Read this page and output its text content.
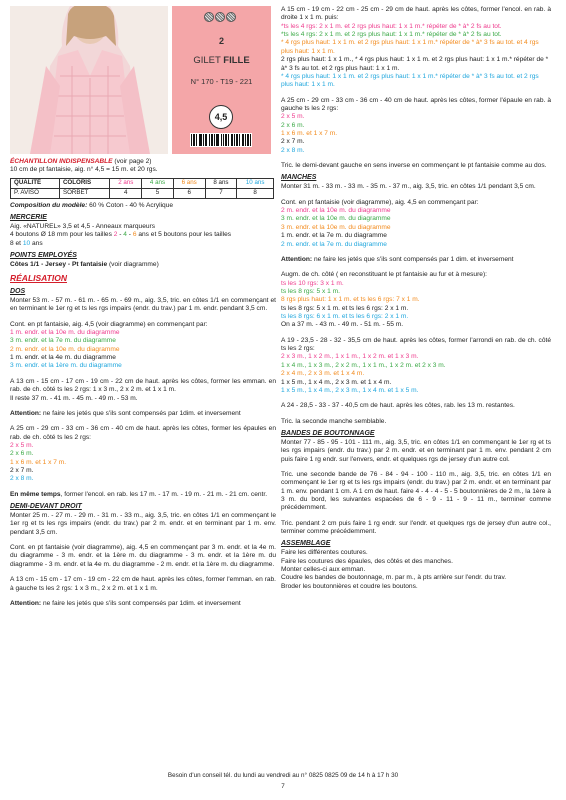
2
GILET FILLE
N° 170 - T19 - 221
4,5

ÉCHANTILLON INDISPENSABLE (voir page 2)

10 cm de pt fantaisie, aig. n° 4,5 = 15 m. et 20 rgs.

QUALITÉ	COLORIS	2 ans	4 ans	6 ans	8 ans	10 ans
P. AVISO	SORBET	4	5	6	7	8

Composition du modèle: 60 % Coton - 40 % Acrylique

MERCERIE

Aig. «NATUREL» 3,5 et 4,5 - Anneaux marqueurs

4 boutons Ø 18 mm pour les tailles 2 - 4 - 6 ans et 5 boutons pour les tailles

8 et 10 ans

POINTS EMPLOYÉS

Côtes 1/1 - Jersey - Pt fantaisie (voir diagramme)

RÉALISATION
DOS

Monter 53 m. - 57 m. - 61 m. - 65 m. - 69 m., aig. 3,5, tric. en côtes 1/1 en commençant et en terminant le 1er rg et ts les rgs impairs (endr. du trav.) par 1 m. endr. pendant 3,5 cm.

Cont. en pt fantaisie, aig. 4,5 (voir diagramme) en commençant par:

1 m. endr. et la 10e m. du diagramme

3 m. endr. et la 7e m. du diagramme

2 m. endr. et la 10e m. du diagramme

1 m. endr. et la 4e m. du diagramme

3 m. endr. et la 1ère m. du diagramme

A 13 cm - 15 cm - 17 cm - 19 cm - 22 cm de haut. après les côtes, former les emman. en rab. de ch. côté ts les 2 rgs: 1 x 3 m., 2 x 2 m. et 1 x 1 m.

Il reste 37 m. - 41 m. - 45 m. - 49 m. - 53 m.

Attention: ne faire les jetés que s'ils sont compensés par 1dim. et inversement

A 25 cm - 29 cm - 33 cm - 36 cm - 40 cm de haut. après les côtes, former les épaules en rab. de ch. côté ts les 2 rgs:

2 x 5 m.

2 x 6 m.

1 x 6 m. et 1 x 7 m.

2 x 7 m.

2 x 8 m.

En même temps, former l'encol. en rab. les 17 m. - 17 m. - 19 m. - 21 m. - 21 cm. centr.

DEMI-DEVANT DROIT

Monter 25 m. - 27 m. - 29 m. - 31 m. - 33 m., aig. 3,5, tric. en côtes 1/1 en commençant le 1er rg et ts les rgs impairs (endr. du trav.) par 2 m. endr. et en terminant par 1 m. env. pendant 3,5 cm.

Cont. en pt fantaisie (voir diagramme), aig. 4,5 en commençant par 3 m. endr. et la 4e m. du diagramme - 3 m. endr. et la 1ère m. du diagramme - 3 m. endr. et la 1ère m. du diagramme - 3 m. endr. et la 4e m. du diagramme - 2 m. endr. et la 1ère m. du diagramme.

A 13 cm - 15 cm - 17 cm - 19 cm - 22 cm de haut. après les côtes, former l'emman. en rab. à gauche ts les 2 rgs: 1 x 3 m., 2 x 2 m. et 1 x 1 m.

Attention: ne faire les jetés que s'ils sont compensés par 1dim. et inversement

A 15 cm - 19 cm - 22 cm - 25 cm - 29 cm de haut. après les côtes, former l'encol. en rab. à droite 1 x 1 m. puis:

*ts les 4 rgs: 2 x 1 m. et 2 rgs plus haut: 1 x 1 m.* répéter de * à* 2 fs au tot.

*ts les 4 rgs: 2 x 1 m. et 2 rgs plus haut: 1 x 1 m.* répéter de * à* 2 fs au tot.

* 4 rgs plus haut: 1 x 1 m. et 2 rgs plus haut: 1 x 1 m.* répéter de * à* 3 fs au tot. et 4 rgs plus haut: 1 x 1 m.

2 rgs plus haut: 1 x 1 m., * 4 rgs plus haut: 1 x 1 m. et 2 rgs plus haut: 1 x 1 m.* répéter de * à* 3 fs au tot. et 2 rgs plus haut: 1 x 1 m.

* 4 rgs plus haut: 1 x 1 m. et 2 rgs plus haut: 1 x 1 m.* répéter de * à* 3 fs au tot. et 2 rgs plus haut: 1 x 1 m.

A 25 cm - 29 cm - 33 cm - 36 cm - 40 cm de haut. après les côtes, former l'épaule en rab. à gauche ts les 2 rgs:

2 x 5 m.

2 x 6 m.

1 x 6 m. et 1 x 7 m.

2 x 7 m.

2 x 8 m.

Tric. le demi-devant gauche en sens inverse en commençant le pt fantaisie comme au dos.

MANCHES

Monter 31 m. - 33 m. - 33 m. - 35 m. - 37 m., aig. 3,5, tric. en côtes 1/1 pendant 3,5 cm.

Cont. en pt fantaisie (voir diagramme), aig. 4,5 en commençant par:

2 m. endr. et la 10e m. du diagramme

3 m. endr. et la 10e m. du diagramme

3 m. endr. et la 10e m. du diagramme

1 m. endr. et la 7e m. du diagramme

2 m. endr. et la 7e m. du diagramme

Attention: ne faire les jetés que s'ils sont compensés par 1 dim. et inversement

Augm. de ch. côté ( en reconstituant le pt fantaisie au fur et à mesure):

ts les 10 rgs: 3 x 1 m.

ts les 8 rgs: 5 x 1 m.

8 rgs plus haut: 1 x 1 m. et ts les 6 rgs: 7 x 1 m.

ts les 8 rgs: 5 x 1 m. et ts les 6 rgs: 2 x 1 m.

ts les 8 rgs: 6 x 1 m. et ts les 6 rgs: 2 x 1 m.

On a 37 m. - 43 m. - 49 m. - 51 m. - 55 m.

A 19 - 23,5 - 28 - 32 - 35,5 cm de haut. après les côtes, former l'arrondi en rab. de ch. côté ts les 2 rgs:

2 x 3 m., 1 x 2 m., 1 x 1 m., 1 x 2 m. et 1 x 3 m.

1 x 4 m., 1 x 3 m., 2 x 2 m., 1 x 1 m., 1 x 2 m. et 2 x 3 m.

2 x 4 m., 2 x 3 m. et 1 x 4 m.

1 x 5 m., 1 x 4 m., 2 x 3 m. et 1 x 4 m.

1 x 5 m., 1 x 4 m., 2 x 3 m., 1 x 4 m. et 1 x 5 m.

A 24 - 28,5 - 33 - 37 - 40,5 cm de haut. après les côtes, rab. les 13 m. restantes.

Tric. la seconde manche semblable.

BANDES DE BOUTONNAGE

Monter 77 - 85 - 95 - 101 - 111 m., aig. 3,5, tric. en côtes 1/1 en commençant le 1er rg et ts les rgs impairs (endr. du trav.) par 2 m. endr. et en terminant par 1 m. env. pendant 2 cm puis faire 1 rg endr. sur l'envers, endr. et quelques rgs de jersey d'un autre col.

Tric. une seconde bande de 76 - 84 - 94 - 100 - 110 m., aig. 3,5, tric. en côtes 1/1 en commençant le 1er rg et ts les rgs impairs (endr. du trav.) par 2 m. endr. et en terminant par 1 m. env. pendant 1 cm. A 1 cm de haut. faire 4 - 4 - 4 - 5 - 5 boutonnières de 2 m., la 1ère à 3 m. du bord, les suivantes espacées de 6 - 9 - 11 - 9 - 11 m., terminer comme précédemment.

Tric. pendant 2 cm puis faire 1 rg endr. sur l'endr. et quelques rgs de jersey d'un autre col., terminer comme précédemment.

ASSEMBLAGE

Faire les différentes coutures.

Faire les coutures des épaules, des côtés et des manches.

Monter celles-ci aux emman.

Coudre les bandes de boutonnage, m. par m., à pts arrière sur l'endr. du trav.

Broder les boutonnières et coudre les boutons.

Besoin d'un conseil tél. du lundi au vendredi au n° 0825 0825 09 de 14 h à 17 h 30
7
